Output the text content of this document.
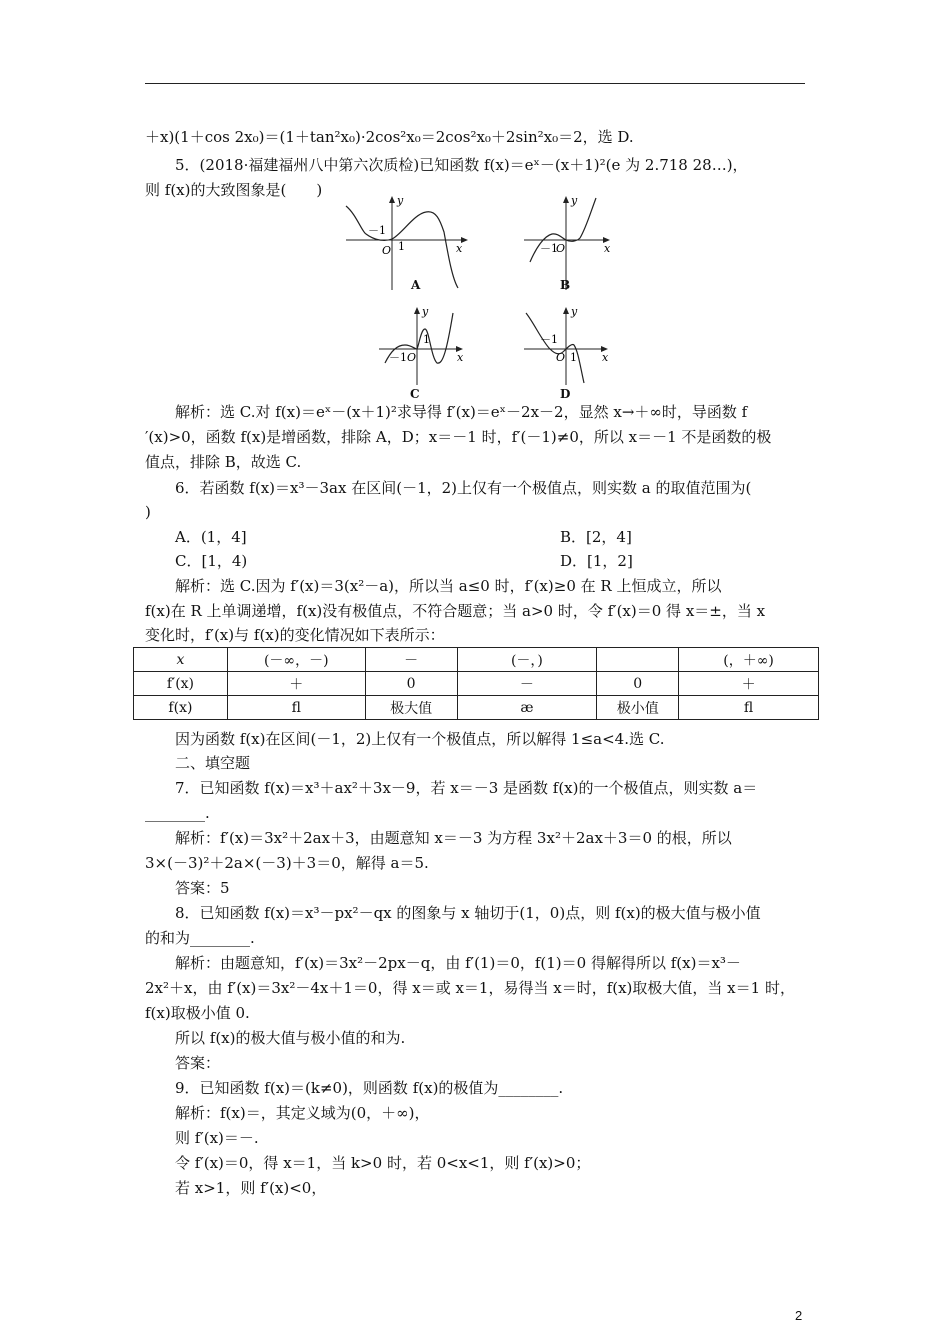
＋x)(1＋cos 2x₀)＝(1＋tan²x₀)·2cos²x₀＝2cos²x₀＋2sin²x₀＝2，选 D.
5．(2018·福建福州八中第六次质检)已知函数 f(x)＝eˣ－(x＋1)²(e 为 2.718 28…)，
则 f(x)的大致图象是(　　)
－1
1
O
y
x
A
－1
O
y
x
B
－1
1
O
y
x
C
－1
1
O
y
x
D
解析：选 C.对 f(x)＝eˣ－(x＋1)²求导得 f′(x)＝eˣ－2x－2，显然 x→＋∞时，导函数 f
′(x)>0，函数 f(x)是增函数，排除 A，D；x＝－1 时，f′(－1)≠0，所以 x＝－1 不是函数的极
值点，排除 B，故选 C.
6．若函数 f(x)＝x³－3ax 在区间(－1，2)上仅有一个极值点，则实数 a 的取值范围为(
)
A．(1，4]	B．[2，4]
C．[1，4)	D．[1，2]
解析：选 C.因为 f′(x)＝3(x²－a)，所以当 a≤0 时，f′(x)≥0 在 R 上恒成立，所以
f(x)在 R 上单调递增，f(x)没有极值点，不符合题意；当 a>0 时，令 f′(x)＝0 得 x＝±，当 x
变化时，f′(x)与 f(x)的变化情况如下表所示：
x	(－∞，－)	－	(－，)		(，＋∞)
f′(x)	＋	0	－	0	＋
f(x)	ﬂ	极大值	æ	极小值	ﬂ
因为函数 f(x)在区间(－1，2)上仅有一个极值点，所以解得 1≤a<4.选 C.
二、填空题
7．已知函数 f(x)＝x³＋ax²＋3x－9，若 x＝－3 是函数 f(x)的一个极值点，则实数 a＝
________.
解析：f′(x)＝3x²＋2ax＋3，由题意知 x＝－3 为方程 3x²＋2ax＋3＝0 的根，所以
3×(－3)²＋2a×(－3)＋3＝0，解得 a＝5.
答案：5
8．已知函数 f(x)＝x³－px²－qx 的图象与 x 轴切于(1，0)点，则 f(x)的极大值与极小值
的和为________.
解析：由题意知，f′(x)＝3x²－2px－q，由 f′(1)＝0，f(1)＝0 得解得所以 f(x)＝x³－
2x²＋x，由 f′(x)＝3x²－4x＋1＝0，得 x＝或 x＝1，易得当 x＝时，f(x)取极大值，当 x＝1 时，
f(x)取极小值 0.
所以 f(x)的极大值与极小值的和为.
答案：
9．已知函数 f(x)＝(k≠0)，则函数 f(x)的极值为________.
解析：f(x)＝，其定义域为(0，＋∞)，
则 f′(x)＝－.
令 f′(x)＝0，得 x＝1，当 k>0 时，若 0<x<1，则 f′(x)>0；
若 x>1，则 f′(x)<0，
2
